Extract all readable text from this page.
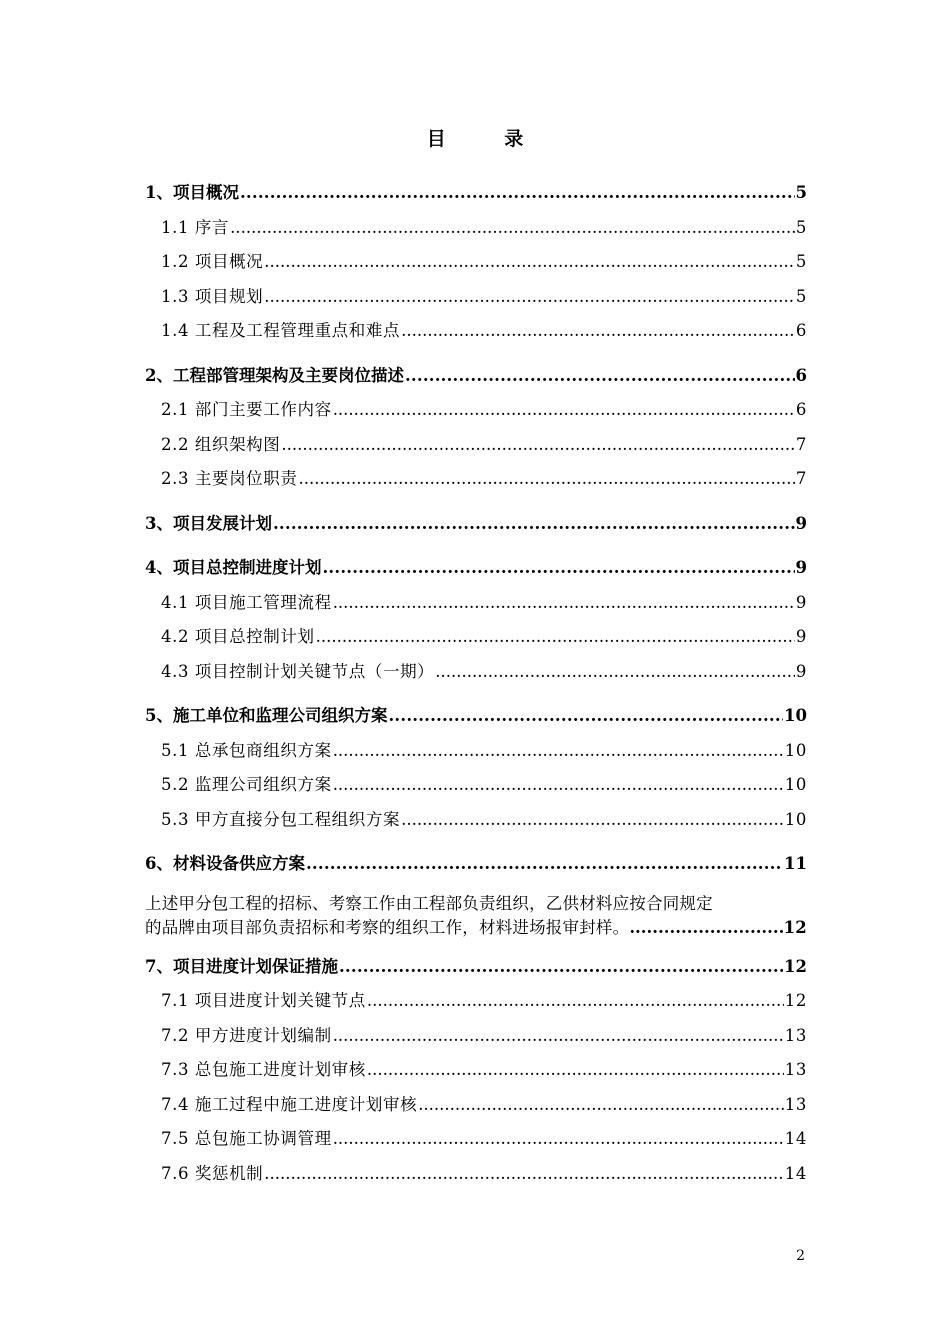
目 录
1、项目概况 .....	5
1.1 序言 .....	5
1.2 项目概况 .....	5
1.3 项目规划 .....	5
1.4 工程及工程管理重点和难点 .....	6
2、工程部管理架构及主要岗位描述 .....	6
2.1 部门主要工作内容 .....	6
2.2 组织架构图 .....	7
2.3 主要岗位职责 .....	7
3、项目发展计划 .....	9
4、项目总控制进度计划 .....	9
4.1 项目施工管理流程 .....	9
4.2 项目总控制计划 .....	9
4.3 项目控制计划关键节点（一期） .....	9
5、施工单位和监理公司组织方案 .....	10
5.1 总承包商组织方案 .....	10
5.2 监理公司组织方案 .....	10
5.3 甲方直接分包工程组织方案 .....	10
6、材料设备供应方案 .....	11
上述甲分包工程的招标、考察工作由工程部负责组织，乙供材料应按合同规定
的品牌由项目部负责招标和考察的组织工作，材料进场报审封样。 .....	12
7、项目进度计划保证措施 .....	12
7.1 项目进度计划关键节点 .....	12
7.2 甲方进度计划编制 .....	13
7.3 总包施工进度计划审核 .....	13
7.4 施工过程中施工进度计划审核 .....	13
7.5 总包施工协调管理 .....	14
7.6 奖惩机制 .....	14
2
